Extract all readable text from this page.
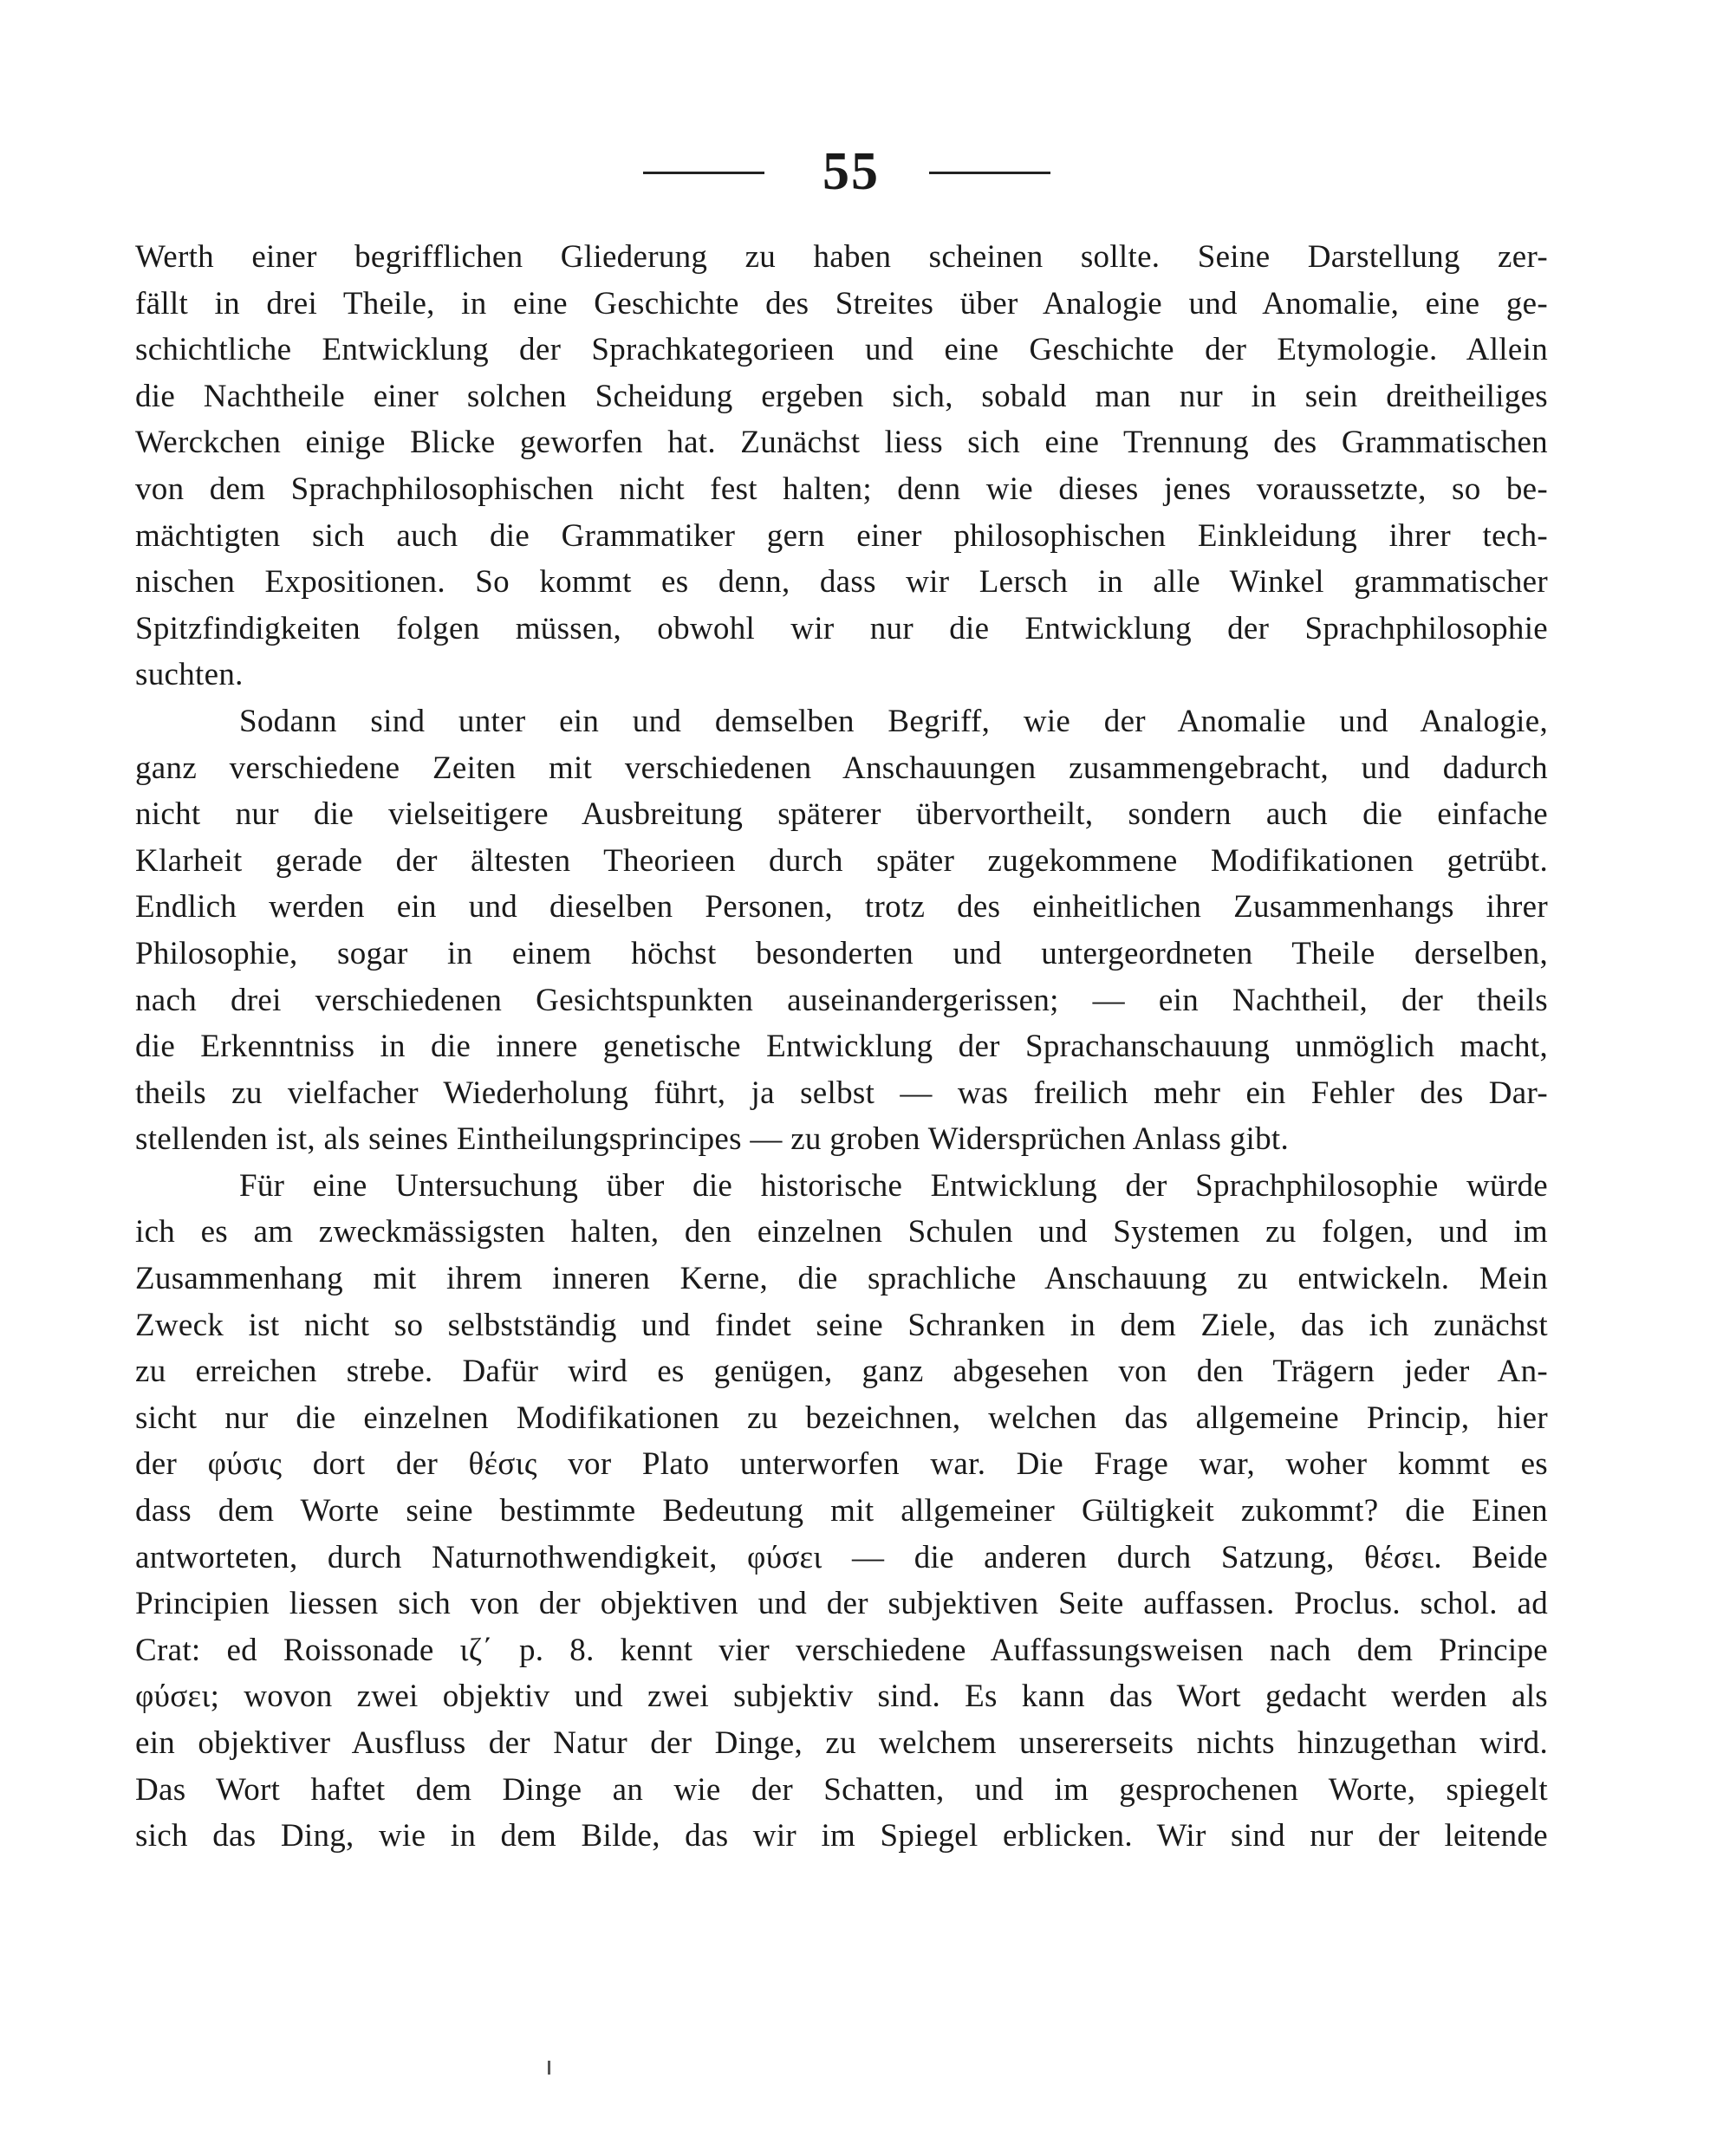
55
Werth einer begrifflichen Gliederung zu haben scheinen sollte. Seine Darstellung zer-
fällt in drei Theile, in eine Geschichte des Streites über Analogie und Anomalie, eine ge-
schichtliche Entwicklung der Sprachkategorieen und eine Geschichte der Etymologie. Allein
die Nachtheile einer solchen Scheidung ergeben sich, sobald man nur in sein dreitheiliges
Werckchen einige Blicke geworfen hat. Zunächst liess sich eine Trennung des Grammatischen
von dem Sprachphilosophischen nicht fest halten; denn wie dieses jenes voraussetzte, so be-
mächtigten sich auch die Grammatiker gern einer philosophischen Einkleidung ihrer tech-
nischen Expositionen. So kommt es denn, dass wir Lersch in alle Winkel grammatischer
Spitzfindigkeiten folgen müssen, obwohl wir nur die Entwicklung der Sprachphilosophie
suchten.
Sodann sind unter ein und demselben Begriff, wie der Anomalie und Analogie,
ganz verschiedene Zeiten mit verschiedenen Anschauungen zusammengebracht, und dadurch
nicht nur die vielseitigere Ausbreitung späterer übervortheilt, sondern auch die einfache
Klarheit gerade der ältesten Theorieen durch später zugekommene Modifikationen getrübt.
Endlich werden ein und dieselben Personen, trotz des einheitlichen Zusammenhangs ihrer
Philosophie, sogar in einem höchst besonderten und untergeordneten Theile derselben,
nach drei verschiedenen Gesichtspunkten auseinandergerissen; — ein Nachtheil, der theils
die Erkenntniss in die innere genetische Entwicklung der Sprachanschauung unmöglich macht,
theils zu vielfacher Wiederholung führt, ja selbst — was freilich mehr ein Fehler des Dar-
stellenden ist, als seines Eintheilungsprincipes — zu groben Widersprüchen Anlass gibt.
Für eine Untersuchung über die historische Entwicklung der Sprachphilosophie würde
ich es am zweckmässigsten halten, den einzelnen Schulen und Systemen zu folgen, und im
Zusammenhang mit ihrem inneren Kerne, die sprachliche Anschauung zu entwickeln. Mein
Zweck ist nicht so selbstständig und findet seine Schranken in dem Ziele, das ich zunächst
zu erreichen strebe. Dafür wird es genügen, ganz abgesehen von den Trägern jeder An-
sicht nur die einzelnen Modifikationen zu bezeichnen, welchen das allgemeine Princip, hier
der φύσις dort der θέσις vor Plato unterworfen war. Die Frage war, woher kommt es
dass dem Worte seine bestimmte Bedeutung mit allgemeiner Gültigkeit zukommt? die Einen
antworteten, durch Naturnothwendigkeit, φύσει — die anderen durch Satzung, θέσει. Beide
Principien liessen sich von der objektiven und der subjektiven Seite auffassen. Proclus. schol. ad
Crat: ed Roissonade ιζ΄ p. 8. kennt vier verschiedene Auffassungsweisen nach dem Principe
φύσει; wovon zwei objektiv und zwei subjektiv sind. Es kann das Wort gedacht werden als
ein objektiver Ausfluss der Natur der Dinge, zu welchem unsererseits nichts hinzugethan wird.
Das Wort haftet dem Dinge an wie der Schatten, und im gesprochenen Worte, spiegelt
sich das Ding, wie in dem Bilde, das wir im Spiegel erblicken. Wir sind nur der leitende
